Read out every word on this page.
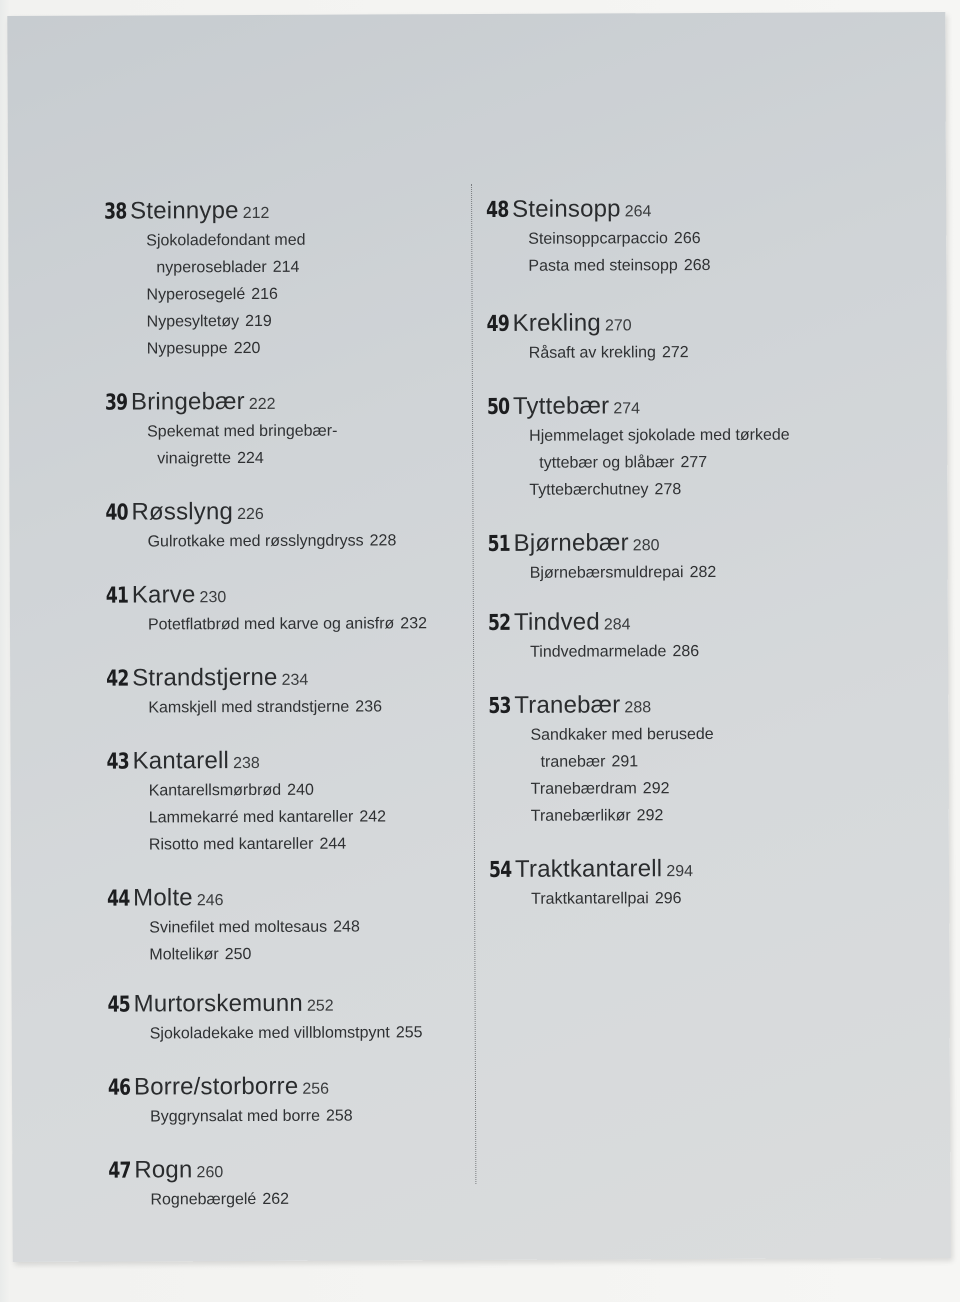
38 Steinnype 212
Sjokoladefondant med
nyperoseblader 214
Nyperosegelé 216
Nypesyltetøy 219
Nypesuppe 220
39 Bringebær 222
Spekemat med bringebær-
vinaigrette 224
40 Røsslyng 226
Gulrotkake med røsslyngdryss 228
41 Karve 230
Potetflatbrød med karve og anisfrø 232
42 Strandstjerne 234
Kamskjell med strandstjerne 236
43 Kantarell 238
Kantarellsmørbrød 240
Lammekarré med kantareller 242
Risotto med kantareller 244
44 Molte 246
Svinefilet med moltesaus 248
Moltelikør 250
45 Murtorskemunn 252
Sjokoladekake med villblomstpynt 255
46 Borre/storborre 256
Byggrynsalat med borre 258
47 Rogn 260
Rognebærgelé 262
48 Steinsopp 264
Steinsoppcarpaccio 266
Pasta med steinsopp 268
49 Krekling 270
Råsaft av krekling 272
50 Tyttebær 274
Hjemmelaget sjokolade med tørkede
tyttebær og blåbær 277
Tyttebærchutney 278
51 Bjørnebær 280
Bjørnebærsmuldrepai 282
52 Tindved 284
Tindvedmarmelade 286
53 Tranebær 288
Sandkaker med berusede
tranebær 291
Tranebærdram 292
Tranebærlikør 292
54 Traktkantarell 294
Traktkantarellpai 296
